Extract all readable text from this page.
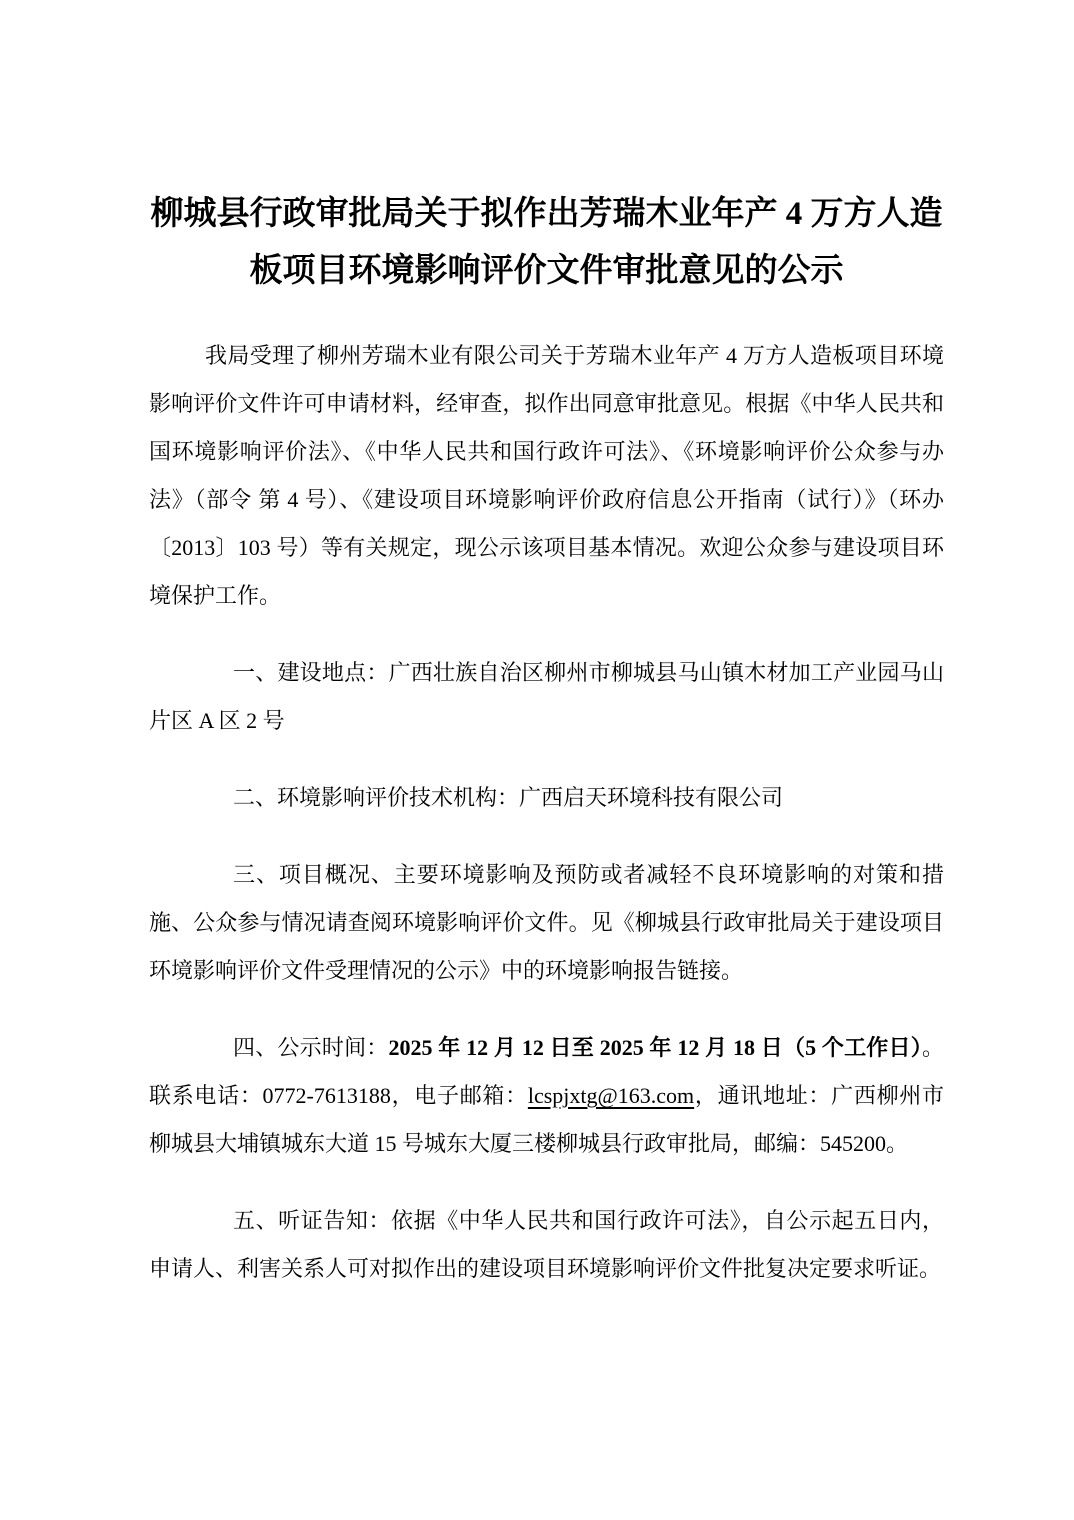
柳城县行政审批局关于拟作出芳瑞木业年产 4 万方人造板项目环境影响评价文件审批意见的公示

我局受理了柳州芳瑞木业有限公司关于芳瑞木业年产 4 万方人造板项目环境影响评价文件许可申请材料，经审查，拟作出同意审批意见。根据《中华人民共和国环境影响评价法》、《中华人民共和国行政许可法》、《环境影响评价公众参与办法》（部令 第 4 号）、《建设项目环境影响评价政府信息公开指南（试行）》（环办〔2013〕103 号）等有关规定，现公示该项目基本情况。欢迎公众参与建设项目环境保护工作。

一、建设地点：广西壮族自治区柳州市柳城县马山镇木材加工产业园马山片区 A 区 2 号

二、环境影响评价技术机构：广西启天环境科技有限公司

三、项目概况、主要环境影响及预防或者减轻不良环境影响的对策和措施、公众参与情况请查阅环境影响评价文件。见《柳城县行政审批局关于建设项目环境影响评价文件受理情况的公示》中的环境影响报告链接。

四、公示时间：2025 年 12 月 12 日至 2025 年 12 月 18 日（5 个工作日）。联系电话：0772-7613188，电子邮箱：lcspjxtg@163.com，通讯地址：广西柳州市柳城县大埔镇城东大道 15 号城东大厦三楼柳城县行政审批局，邮编：545200。

五、听证告知：依据《中华人民共和国行政许可法》，自公示起五日内，申请人、利害关系人可对拟作出的建设项目环境影响评价文件批复决定要求听证。
